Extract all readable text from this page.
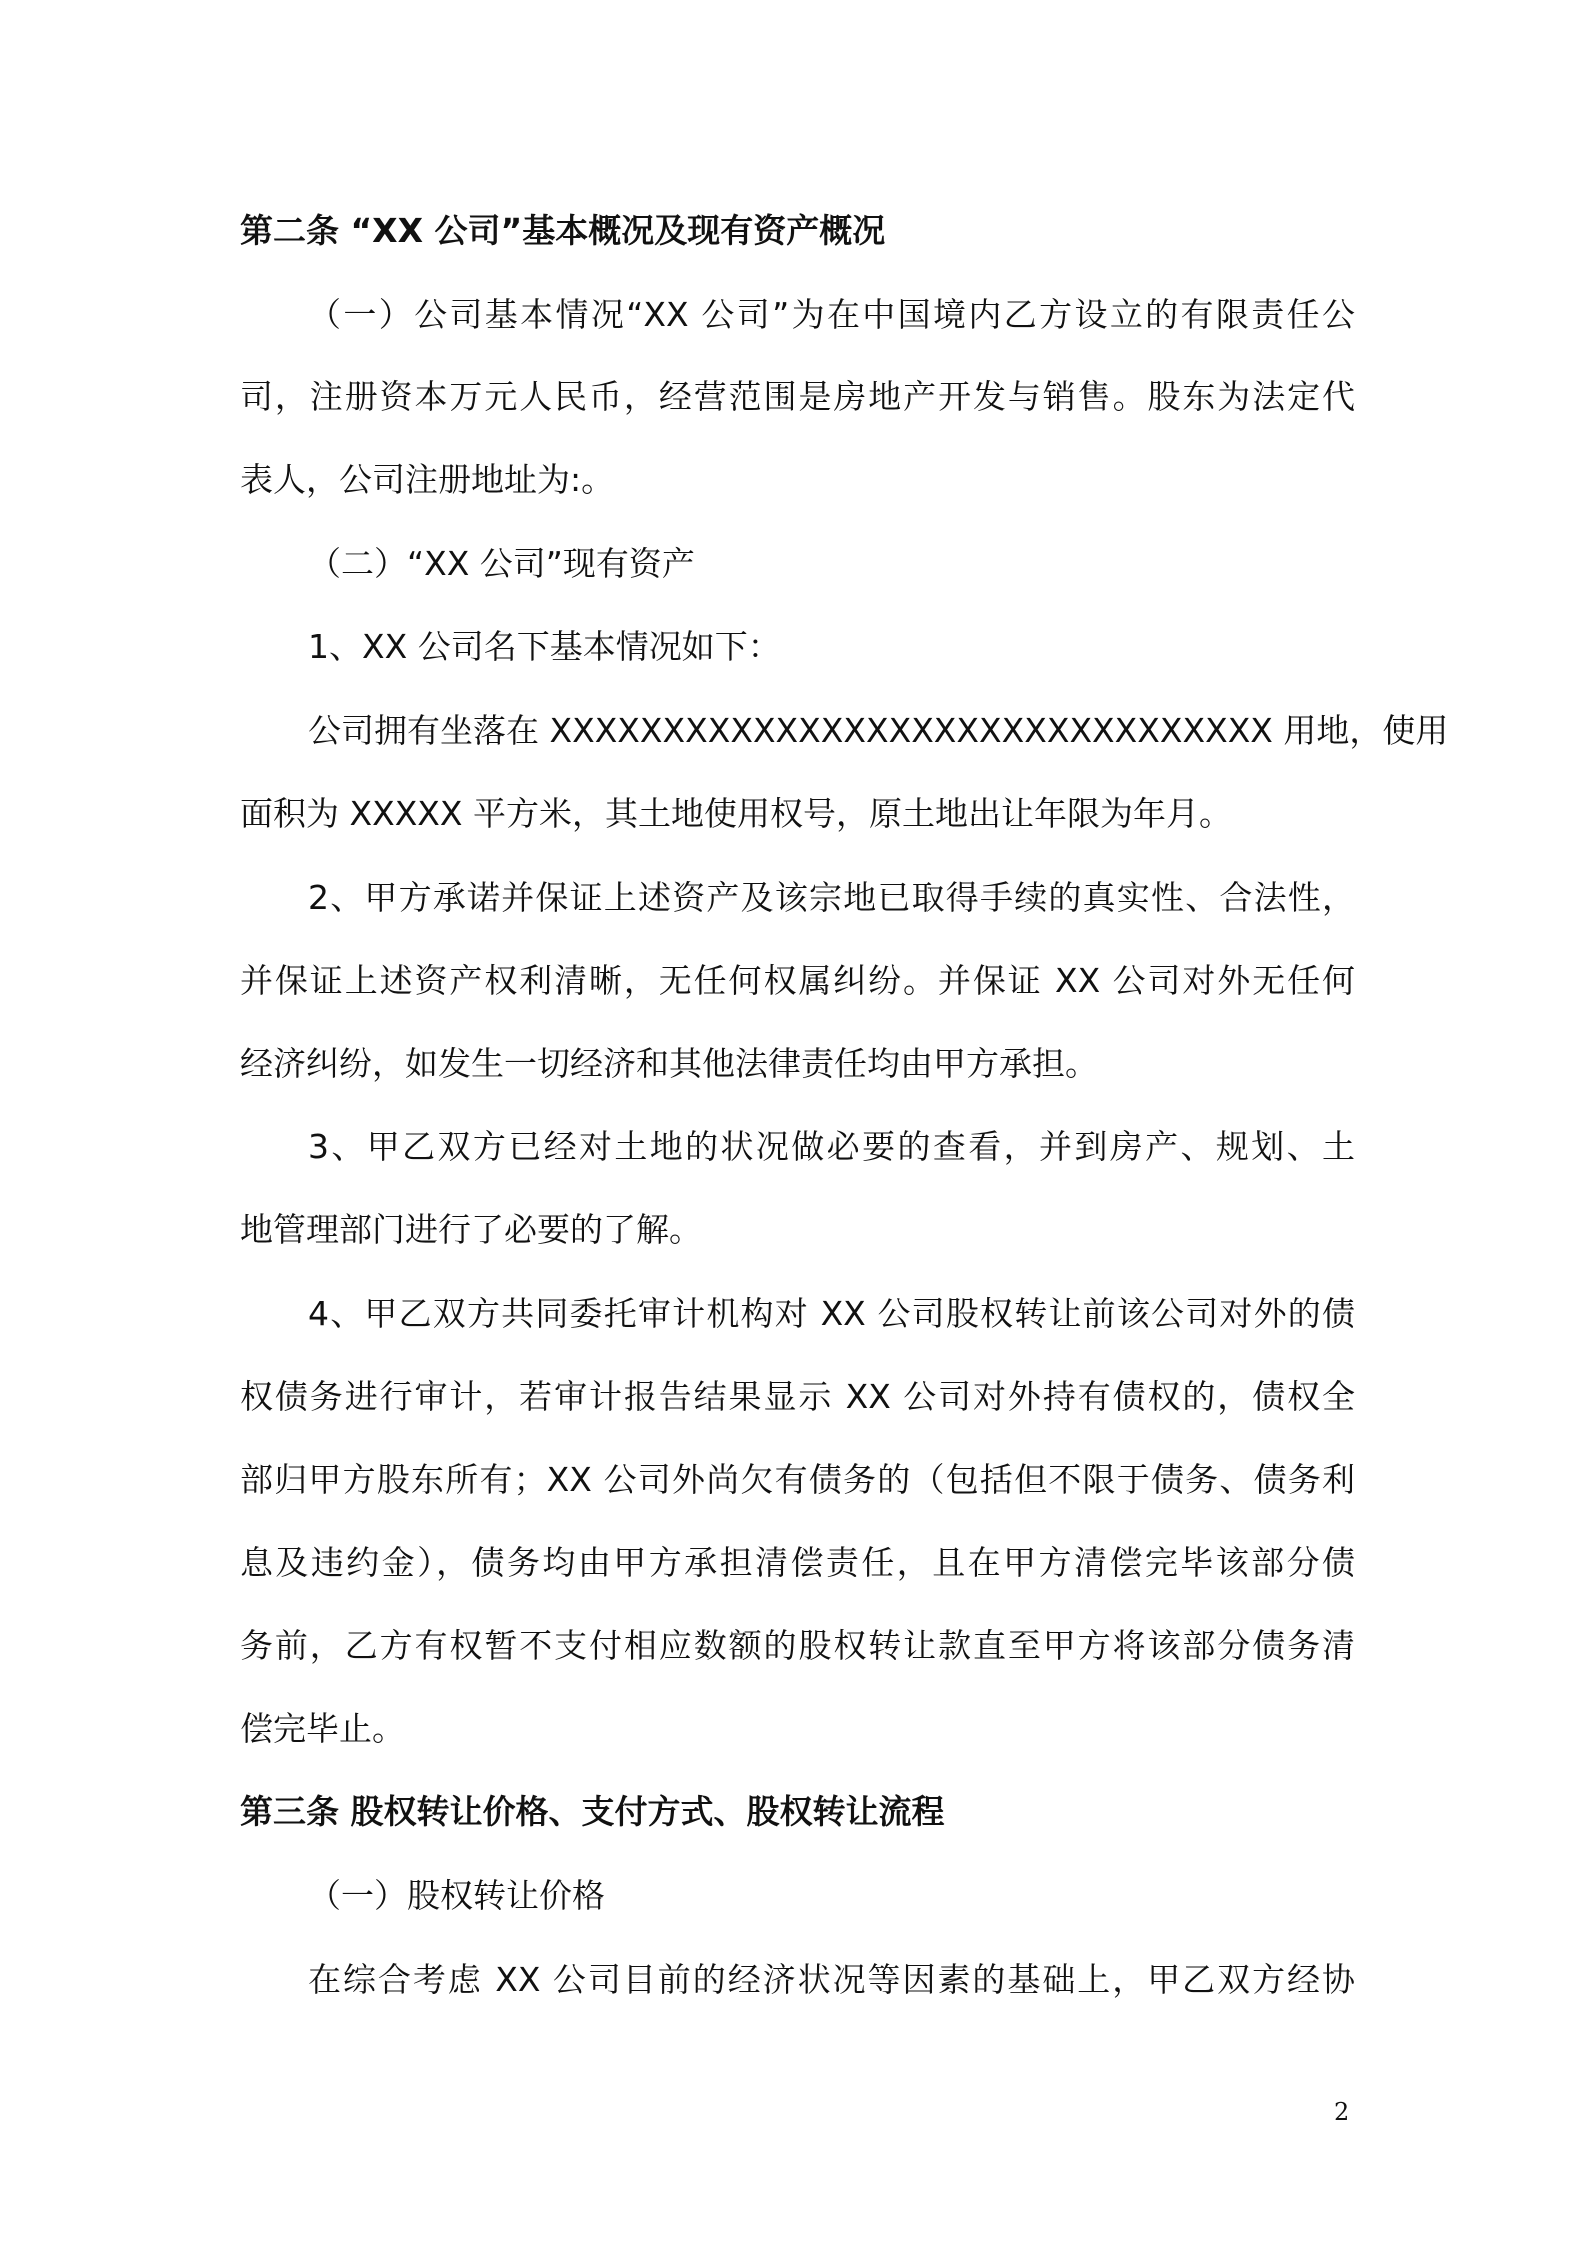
第二条 “XX 公司”基本概况及现有资产概况
（一）公司基本情况“XX 公司”为在中国境内乙方设立的有限责任公
司，注册资本万元人民币，经营范围是房地产开发与销售。股东为法定代
表人，公司注册地址为:。
（二）“XX 公司”现有资产
1、XX 公司名下基本情况如下：
公司拥有坐落在 XXXXXXXXXXXXXXXXXXXXXXXXXXXXXXXX 用地，使用
面积为 XXXXX 平方米，其土地使用权号，原土地出让年限为年月。
2、甲方承诺并保证上述资产及该宗地已取得手续的真实性、合法性，
并保证上述资产权利清晰，无任何权属纠纷。并保证 XX 公司对外无任何
经济纠纷，如发生一切经济和其他法律责任均由甲方承担。
3、甲乙双方已经对土地的状况做必要的查看，并到房产、规划、土
地管理部门进行了必要的了解。
4、甲乙双方共同委托审计机构对 XX 公司股权转让前该公司对外的债
权债务进行审计，若审计报告结果显示 XX 公司对外持有债权的，债权全
部归甲方股东所有；XX 公司外尚欠有债务的（包括但不限于债务、债务利
息及违约金），债务均由甲方承担清偿责任，且在甲方清偿完毕该部分债
务前，乙方有权暂不支付相应数额的股权转让款直至甲方将该部分债务清
偿完毕止。
第三条 股权转让价格、支付方式、股权转让流程
（一）股权转让价格
在综合考虑 XX 公司目前的经济状况等因素的基础上，甲乙双方经协
2
